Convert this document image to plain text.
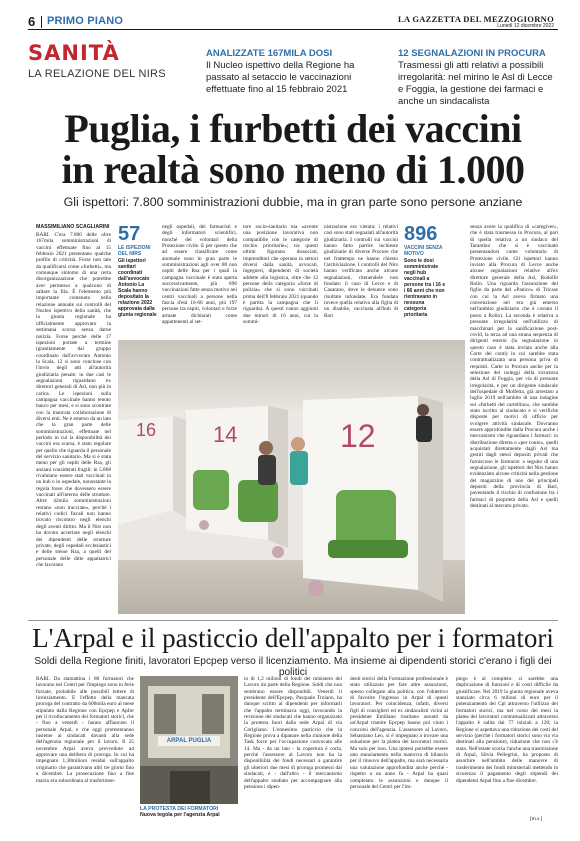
6 PRIMO PIANO	LA GAZZETTA DEL MEZZOGIORNO
Lunedì 12 dicembre 2022
SANITÀ
LA RELAZIONE DEL NIRS
ANALIZZATE 167MILA DOSI
Il Nucleo ispettivo della Regione ha passato al setaccio le vaccinazioni effettuate fino al 15 febbraio 2021
12 SEGNALAZIONI IN PROCURA
Trasmessi gli atti relativi a possibili irregolarità: nel mirino le Asl di Lecce e Foggia, la gestione dei farmaci e anche un sindacalista
Puglia, i furbetti dei vaccini
in realtà sono meno di 1.000
Gli ispettori: 7.800 somministrazioni dubbie, ma in gran parte sono persone anziane
MASSIMILIANO SCAGLIARINI

BARI. C'era 7.800 delle oltre 167mila somministrazioni di vaccini effettuate fino al 15 febbraio 2021 presentano qualche profilo di criticità. Forse non tale da qualificarsi come «furbetti», ma comunque sintomo di una certa disorganizzazione che potrebbe aver permesso a qualcuno di saltare la fila. È l'elemento più importante contenuto nella relazione annuale sui controlli del Nucleo ispettivo della sanità, che la giunta regionale ha ufficialmente approvato la settimana scorsa senza darne notizia. Forse perché delle 17 ispezioni portate a termine (granitamente dal gruppo coordinato dall'avvocato Antonio la Scala, 12 si sono concluse con l'invio degli atti all'autorità giudiziaria penale: in due casi le segnalazioni riguardano ex direttori generali di Asl, non più in carica. Le ispezioni sulla campagna vaccinale hanno tenuto banco per mesi, e si sono scontrate con la mancata collaborazione di diversi enti. Ne è emerso da un lato che la gran parte delle somministrazioni, effettuate nel periodo in cui la disponibilità dei vaccini era scarsa, è stato regolare per quello che riguarda il personale del servizio sanitario. Ma si è stata meno per gli ospiti delle Rsa, gli anziani considerati fragili: in 5.868 rivalutano essere stati vaccinati in un hub o in ospedale, nonostante la regola fosse che dovessero essere vaccinati all'interno delle strutture. Altre 42mila somministrazioni restano «non tracciate», perché i relativi codici fiscali non hanno trovato riscontro negli elenchi degli aventi diritto. Ma il Nirs non ha dovuto accertare negli elenchi dei dipendenti delle strutture private, degli ospedali ecclesiastici e delle stesse Rsa, a quelli del personale delle ditte appaltatrici che lavorano

57
LE ISPEZIONI DEL NIRS
Gli ispettori sanitari coordinati dall'avvocato Antonio La Scala hanno depositato la relazione 2022 approvata dalla giunta regionale

negli ospedali, dei farmacisti e degli informatori scientifici, nonché dei volontari della Protezione civile. E per questo che ad essere classificate come anomale sono in gran parte le somministrazioni agli over 80 non ospiti delle Rsa per i quali la campagna vaccinale è stata aperta successivamente, più 896 vaccinazioni fatte senza motivo nei centri vaccinali a persone nella fascia d'età 16-66 anni, più 197 persone tra ospiti, volontari e forze armate dichiarati come appartenenti al set-

tore socio-sanitario ma «avente una posizione lavorativa non compatibile con le categorie di rischio prioritarie»; tra questi ultimi figurano dissociati, imprenditori che operano in settori diversi dalla sanità, avvocati, ingegneri, dipendenti di società addette alla logistica, oltre che 12 persone della categoria «forze di polizia» che si sono vaccinati prima dell'8 febbraio 2021 (quando è partita la campagna che li riguarda). A questi vanno aggiunti due minori di 16 anni, cui la sommi-

nistrazione era vietata: i relativi casi sono stati segnalati all'autorità giudiziaria. I controlli sui vaccini hanno fatto partire inchieste giudiziarie di diverse Procure che nel frattempo ne hanno chiesto l'archiviazione. I controlli del Nirs hanno verificato anche alcune segnalazioni, ritenendole non fondate: il caso di Lecce e di Casarano, dove le denunce sono risultate infondate. Era fondata invece quella relativa alla figlia di un disabile, vaccinata all'hub di Bari

896
VACCINI SENZA MOTIVO
Sono le dosi somministrate negli hub vaccinali a persone tra i 16 e i 66 anni che non rientravano in nessuna categoria prioritaria

senza avere la qualifica di «caregiver», che è stata trasmessa in Procura, al pari di quella relativa a un sindaco del Tarantino che si è vaccinato presentandosi come volontario di Protezione civile. Gli ispettori hanno inviato alla Procura di Lecce anche alcune segnalazioni relative all'ex direttore generale della Asl, Rodolfo Rollo. Una riguarda l'assunzione del figlio da parte del «Panico» di Tricase con cui la Asl aveva firmato una convenzione nel era già emerso nell'ambito giudiziario che è costato il posto a Rollo). La seconda è relativa a presunte irregolarità nell'utilizzo di macchinari per la sanificazione post-covid, la terza ad una strana sequenza di dirigenti esterni (la segnalazione in questo caso è stata inviata anche alla Corte dei conti) in cui sarebbe stata contrattualizzata una persona priva di requisiti. Carte in Procura anche per la selezione dei noleggi della sicurezza della Asl di Foggia, per via di presunte irregolarità, e per un dirigente sindacale dell'ospedale di Molfetta, già arrestato a luglio 2019 nell'ambito di una indagine sui «furbetti del cartellino», che sarebbe stato iscritto al sindacato e si verifiche disposte per motivi di ufficio per svolgere attività sindacale. Dovranno essere approfondite dalla Procura anche i meccanismi che riguardano i farmaci: in distribuzione diretta o «per conto», quelli acquistati direttamente dagli Asl ma gestiti dagli stessi depositi privati che forniscono le farmacie: a seguito di una segnalazione, gli ispettori del Nirs hanno evidenziato alcune criticità nella gestione del magazzino di uno dei principali depositi della provincia di Bari, paventando il rischio di confusione tra i farmaci di proprietà della Asl e quelli destinati al mercato privato.

16	14	12
L'Arpal e il pasticcio dell'appalto per i formatori
Soldi della Regione finiti, lavoratori Epcpep verso il licenziamento. Ma insieme ai dipendenti storici c'erano i figli dei politici

BARI. Da stamattina i 80 formatori che lavorano nei Centri per l'impiego sono in ferie forzate, probabile alle possibili lettere di licenziamento. E l'effetto della mancata proroga del contratto da 600mila euro al mese stipulato dalla Regione con Epcpep e Apfor per il ricollocamento dei formatori storici, che - fino a venerdì - hanno affiancato il personale Arpal, e che oggi protesteranno insieme ai sindacati davanti alla sede dell'agenzia regionale per il lavoro. Il 25 novembre Arpal aveva prevveduto ad approvare una delibera di proroga. In cui ha impegnato 1,38milioni residui sull'appalto originario che garantivano altri tre giorni fino a dicembre. La prosecuzione fino a fine marzo era subordinata al trasferimen-

ARPAL PUGLIA
LA PROTESTA DEI FORMATORI
Nuova tegola per l'agenzia Arpal

to di 1,2 milioni di fondi del ministero del Lavoro da parte della Regione. Soldi che non sembrano essere disponibili. Venerdì il presidente dell'Epcpep, Pasquale Troiano, ha dunque scritto ai dipendenti per informarli che l'appalto terminava oggi, invocando la revisione dei sindacati che hanno organizzato la protesta fuori dalla sede Arpal di via Corigliano. L'ennesimo pasticcio che la Regione prova a dipanare nella riunione della Task force per l'occupazione convocata alle 14. Ma - da un lato - la copertura è corta, perché l'assessore al Lavoro non ha la disponibilità dei fondi necessari a garantire gli ulteriori due mesi di proroga promessi dai sindacati, e - dall'altro - il meccanismo dell'appalto studiato per accompagnare alla pensione i dipen-

denti storici della Formazione professionale è stato utilizzato per fare altre assunzioni, spesso collegate alla politica, con l'obiettivo di favorire l'ingresso in Arpal di questi lavoratori. Per coincidenza, infatti, diversi figli di consiglieri ed ex sindacalisti vicini al presidente Emiliano risultano assunti da un'Arpal tramite Epcpep hanno poi vinto i concorsi dell'agenzia. L'assessore al Lavoro, Sebastiano Leo, si è impegnato a trovare una soluzione per la platea dei lavoratori storici. Ma solo per loro. Una ipotesi potrebbe essere uno stanziamento nella manovra di bilancio per il rinnovo dell'appalto, ma sarà necessaria una valutazione approfondita anche perché - rispetto a un anno fa - Arpal ha quasi completato le assunzioni e dunque il personale dei Centri per l'im-

piego è al completo: ci sarebbe una duplicazione di funzioni e di costi difficile da giustificare. Nel 2019 la giunta regionale aveva stanziato circa 6 milioni di euro per il potenziamento dei Cpi attraverso l'utilizzo dei formatori storici, ma nel corso dei mesi la platea dei lavoratori contrattualizzati attraverso l'appalto è salita dai 77 iniziali a 120; la Regione si aspettava una riduzione dei costi del servizio (perché i formatori storici sono via via destinati alla pensione), riduzione che non c'è stata. Nell'estate scorsa l'anche una trasmissione di Arpal, Silvia Pellegrini, ha proposto di assorbire nell'ambito delle manovre di trasferimento dei fondi ministeriali mettendo in sicurezza il pagamento degli stipendi dei dipendenti Arpal fino a fine dicembre.

[m.s.]
